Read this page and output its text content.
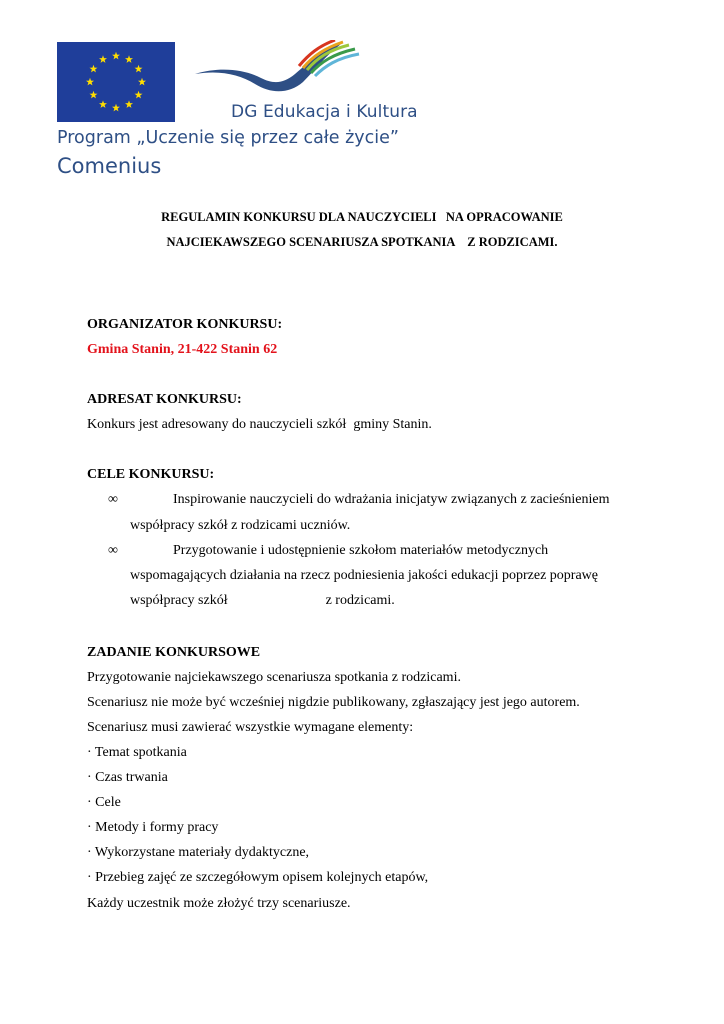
DG Edukacja i Kultura
Program „Uczenie się przez całe życie”
Comenius
REGULAMIN KONKURSU DLA NAUCZYCIELI   NA OPRACOWANIE
NAJCIEKAWSZEGO SCENARIUSZA SPOTKANIA    Z RODZICAMI.
ORGANIZATOR KONKURSU:
Gmina Stanin, 21-422 Stanin 62
ADRESAT KONKURSU:
Konkurs jest adresowany do nauczycieli szkół  gminy Stanin.
CELE KONKURSU:
∞	Inspirowanie nauczycieli do wdrażania inicjatyw związanych z zacieśnieniem
współpracy szkół z rodzicami uczniów.
∞	Przygotowanie i udostępnienie szkołom materiałów metodycznych
wspomagających działania na rzecz podniesienia jakości edukacji poprzez poprawę
współpracy szkół                            z rodzicami.
ZADANIE KONKURSOWE
Przygotowanie najciekawszego scenariusza spotkania z rodzicami.
Scenariusz nie może być wcześniej nigdzie publikowany, zgłaszający jest jego autorem.
Scenariusz musi zawierać wszystkie wymagane elementy:
· Temat spotkania
· Czas trwania
· Cele
· Metody i formy pracy
· Wykorzystane materiały dydaktyczne,
· Przebieg zajęć ze szczegółowym opisem kolejnych etapów,
Każdy uczestnik może złożyć trzy scenariusze.
